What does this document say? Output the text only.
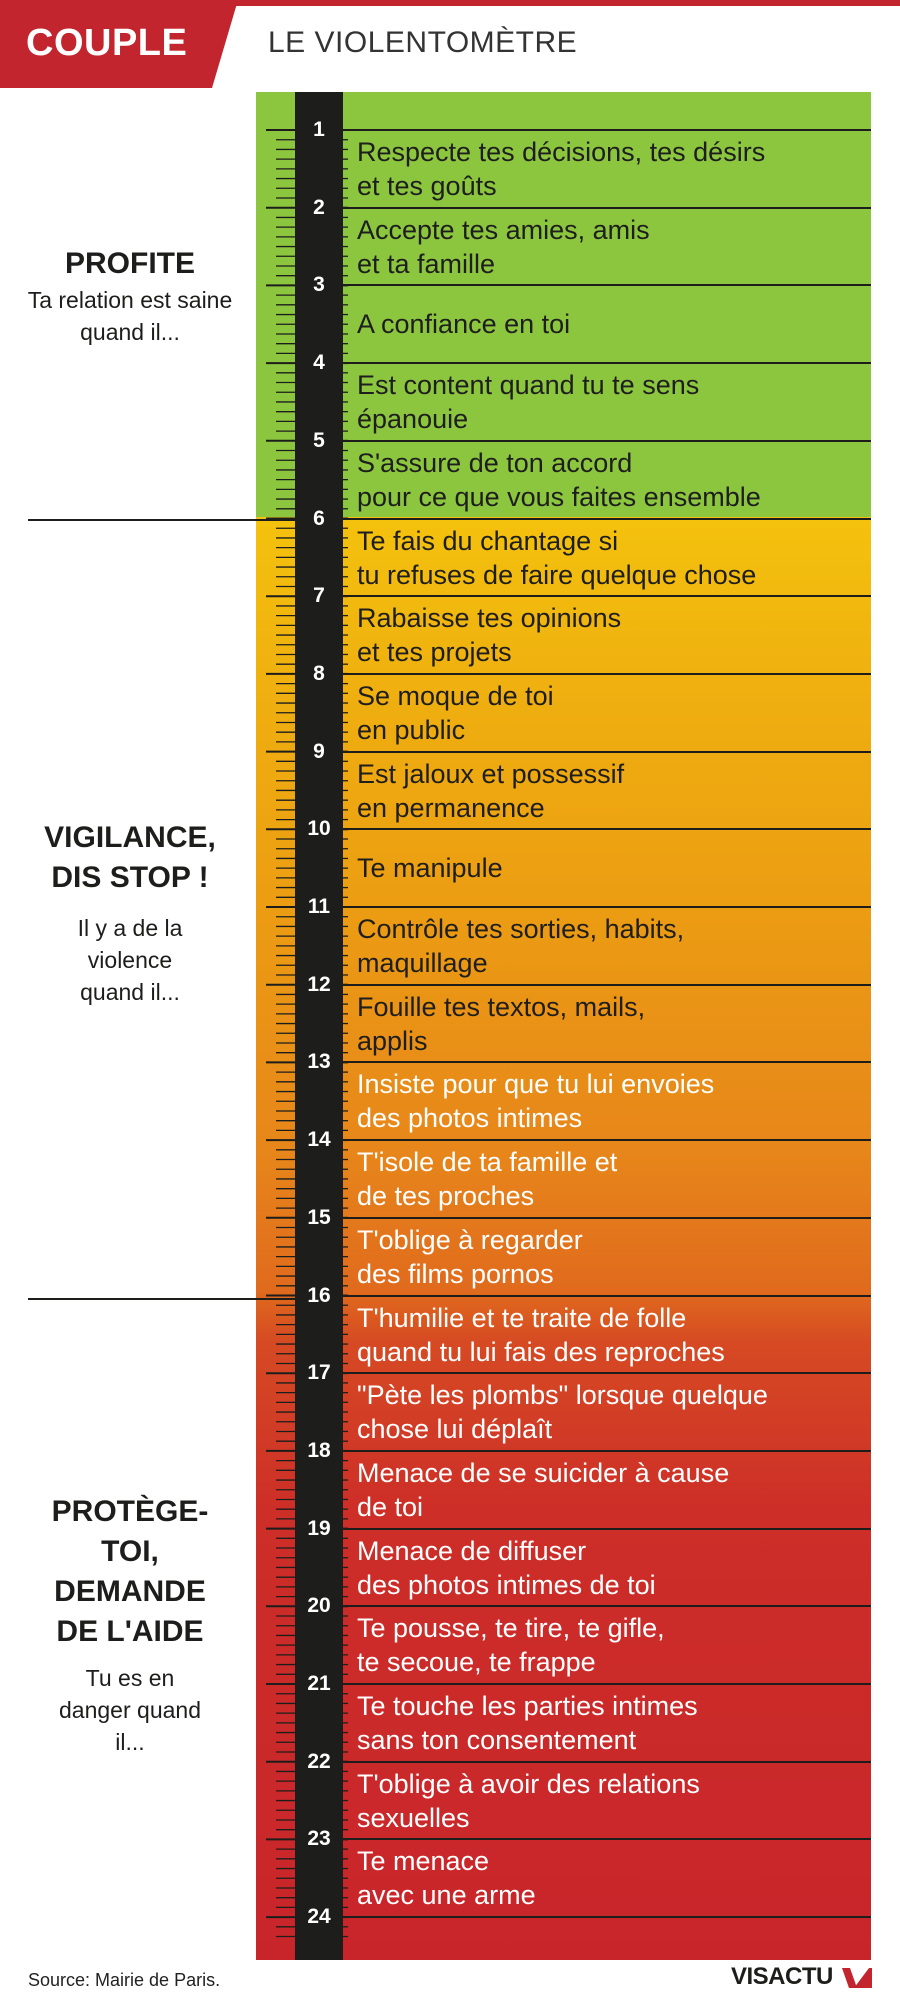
COUPLE	LE VIOLENTOMÈTRE
1
2
3
4
5
6
7
8
9
10
11
12
13
14
15
16
17
18
19
20
21
22
23
24
Respecte tes décisions, tes désirs
et tes goûts
Accepte tes amies, amis
et ta famille
A confiance en toi
Est content quand tu te sens
épanouie
S'assure de ton accord
pour ce que vous faites ensemble
Te fais du chantage si
tu refuses de faire quelque chose
Rabaisse tes opinions
et tes projets
Se moque de toi
en public
Est jaloux et possessif
en permanence
Te manipule
Contrôle tes sorties, habits,
maquillage
Fouille tes textos, mails,
applis
Insiste pour que tu lui envoies
des photos intimes
T'isole de ta famille et
de tes proches
T'oblige à regarder
des films pornos
T'humilie et te traite de folle
quand tu lui fais des reproches
"Pète les plombs" lorsque quelque
chose lui déplaît
Menace de se suicider à cause
de toi
Menace de diffuser
des photos intimes de toi
Te pousse, te tire, te gifle,
te secoue, te frappe
Te touche les parties intimes
sans ton consentement
T'oblige à avoir des relations
sexuelles
Te menace
avec une arme
PROFITE
Ta relation est saine quand il...
VIGILANCE, DIS STOP !
Il y a de la violence quand il...
PROTÈGE-TOI, DEMANDE DE L'AIDE
Tu es en danger quand il...
Source: Mairie de Paris.	VISACTU
